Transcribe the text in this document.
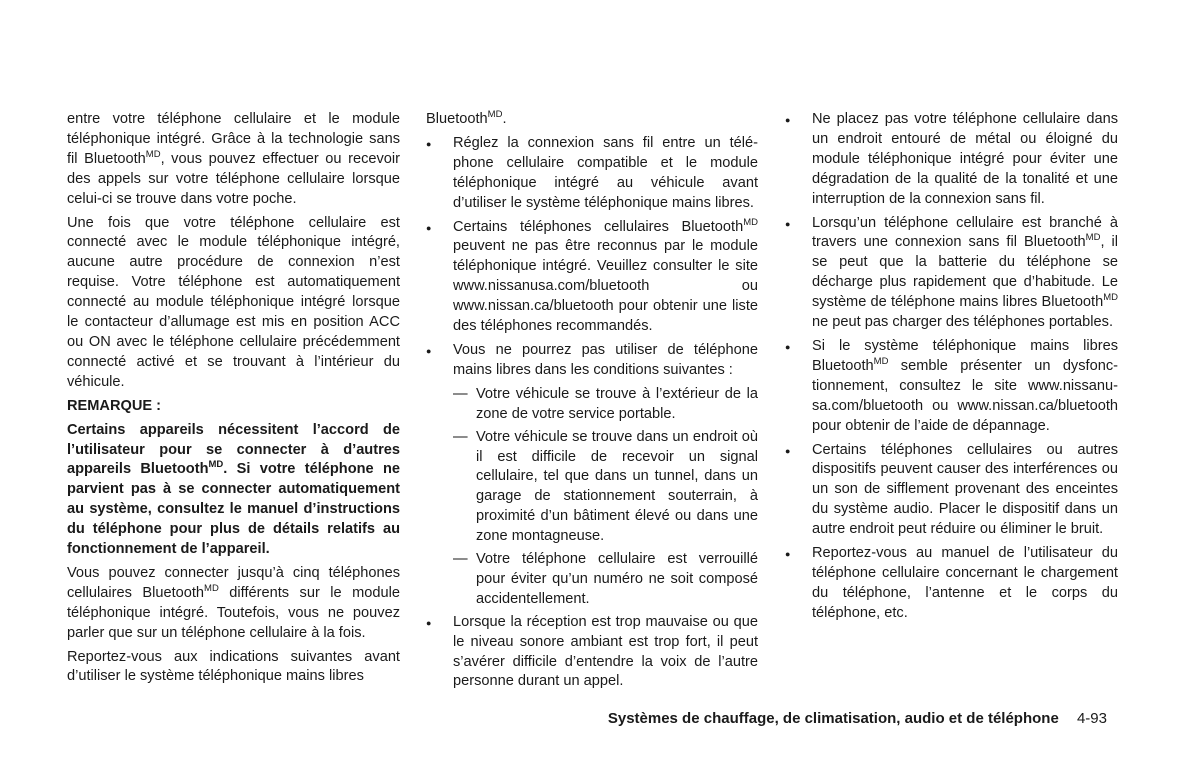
entre votre téléphone cellulaire et le module téléphonique intégré. Grâce à la technologie sans fil Bluetooth$^{MD}$, vous pouvez effectuer ou recevoir des appels sur votre téléphone cellulaire lorsque celui-ci se trouve dans votre poche.

Une fois que votre téléphone cellulaire est connecté avec le module téléphonique intégré, aucune autre procédure de connexion n’est requise. Votre téléphone est automatiquement connecté au module téléphonique intégré lorsque le contacteur d’allumage est mis en position ACC ou ON avec le téléphone cellulaire précédemment connecté activé et se trouvant à l’intérieur du véhicule.

REMARQUE :

Certains appareils nécessitent l’accord de l’utilisateur pour se connecter à d’autres appareils Bluetooth$^{MD}$. Si votre téléphone ne parvient pas à se connecter automatiquement au système, consultez le manuel d’instructions du téléphone pour plus de détails relatifs au fonctionnement de l’appareil.

Vous pouvez connecter jusqu’à cinq téléphones cellulaires Bluetooth$^{MD}$ différents sur le module téléphonique intégré. Toutefois, vous ne pouvez parler que sur un téléphone cellulaire à la fois.

Reportez-vous aux indications suivantes avant d’utiliser le système téléphonique mains libres

Bluetooth$^{MD}$.

● Réglez la connexion sans fil entre un téléphone cellulaire compatible et le module téléphonique intégré au véhicule avant d’utiliser le système téléphonique mains libres.
● Certains téléphones cellulaires Bluetooth$^{MD}$ peuvent ne pas être reconnus par le module téléphonique intégré. Veuillez consulter le site www.nissanusa.com/bluetooth ou www.nissan.ca/bluetooth pour obtenir une liste des téléphones recommandés.
● Vous ne pourrez pas utiliser de téléphone mains libres dans les conditions suivantes :
— Votre véhicule se trouve à l’extérieur de la zone de votre service portable.
— Votre véhicule se trouve dans un endroit où il est difficile de recevoir un signal cellulaire, tel que dans un tunnel, dans un garage de stationnement souterrain, à proximité d’un bâtiment élevé ou dans une zone montagneuse.
— Votre téléphone cellulaire est verrouillé pour éviter qu’un numéro ne soit composé accidentellement.
● Lorsque la réception est trop mauvaise ou que le niveau sonore ambiant est trop fort, il peut s’avérer difficile d’entendre la voix de l’autre personne durant un appel.
● Ne placez pas votre téléphone cellulaire dans un endroit entouré de métal ou éloigné du module téléphonique intégré pour éviter une dégradation de la qualité de la tonalité et une interruption de la connexion sans fil.
● Lorsqu’un téléphone cellulaire est branché à travers une connexion sans fil Bluetooth$^{MD}$, il se peut que la batterie du téléphone se décharge plus rapidement que d’habitude. Le système de téléphone mains libres Bluetooth$^{MD}$ ne peut pas charger des téléphones portables.
● Si le système téléphonique mains libres Bluetooth$^{MD}$ semble présenter un dysfonctionnement, consultez le site www.nissanusa.com/bluetooth ou www.nissan.ca/bluetooth pour obtenir de l’aide de dépannage.
● Certains téléphones cellulaires ou autres dispositifs peuvent causer des interférences ou un son de sifflement provenant des enceintes du système audio. Placer le dispositif dans un autre endroit peut réduire ou éliminer le bruit.
● Reportez-vous au manuel de l’utilisateur du téléphone cellulaire concernant le chargement du téléphone, l’antenne et le corps du téléphone, etc.
Systèmes de chauffage, de climatisation, audio et de téléphone 4-93
